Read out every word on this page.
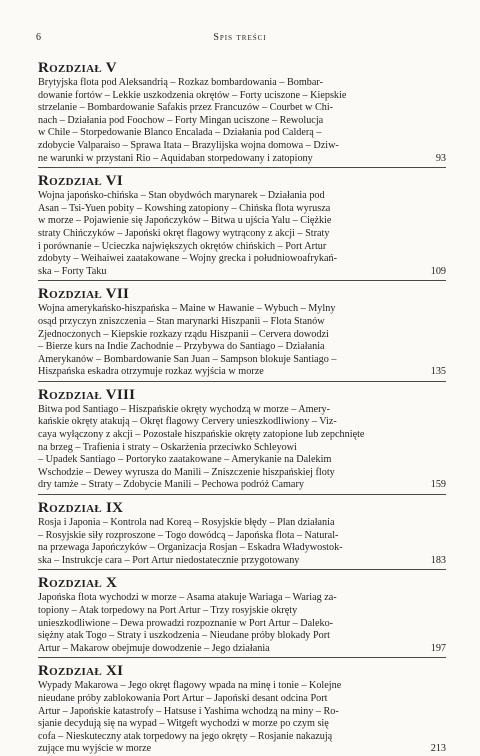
6	Spis treści
Rozdział V
Brytyjska flota pod Aleksandrią – Rozkaz bombardowania – Bombar-
dowanie fortów – Lekkie uszkodzenia okrętów – Forty uciszone – Kiepskie
strzelanie – Bombardowanie Safakis przez Francuzów – Courbet w Chi-
nach – Działania pod Foochow – Forty Mingan uciszone – Rewolucja
w Chile – Storpedowanie Blanco Encalada – Działania pod Calderą –
zdobycie Valparaiso – Sprawa Itata – Brazylijska wojna domowa – Dziw-
ne warunki w przystani Rio – Aquidaban storpedowany i zatopiony	93
Rozdział VI
Wojna japońsko-chińska – Stan obydwóch marynarek – Działania pod
Asan – Tsi-Yuen pobity – Kowshing zatopiony – Chińska flota wyrusza
w morze – Pojawienie się Japończyków – Bitwa u ujścia Yalu – Ciężkie
straty Chińczyków – Japoński okręt flagowy wytrącony z akcji – Straty
i porównanie – Ucieczka największych okrętów chińskich – Port Artur
zdobyty – Weihaiwei zaatakowane – Wojny grecka i południowoafrykań-
ska – Forty Taku	109
Rozdział VII
Wojna amerykańsko-hiszpańska – Maine w Hawanie – Wybuch – Mylny
osąd przyczyn zniszczenia – Stan marynarki Hiszpanii – Flota Stanów
Zjednoczonych – Kiepskie rozkazy rządu Hiszpanii – Cervera dowodzi
– Bierze kurs na Indie Zachodnie – Przybywa do Santiago – Działania
Amerykanów – Bombardowanie San Juan – Sampson blokuje Santiago –
Hiszpańska eskadra otrzymuje rozkaz wyjścia w morze	135
Rozdział VIII
Bitwa pod Santiago – Hiszpańskie okręty wychodzą w morze – Amery-
kańskie okręty atakują – Okręt flagowy Cervery unieszkodliwiony – Viz-
caya wyłączony z akcji – Pozostałe hiszpańskie okręty zatopione lub zepchnięte
na brzeg – Trafienia i straty – Oskarżenia przeciwko Schleyowi
– Upadek Santiago – Portoryko zaatakowane – Amerykanie na Dalekim
Wschodzie – Dewey wyrusza do Manili – Zniszczenie hiszpańskiej floty
dry tamże – Straty – Zdobycie Manili – Pechowa podróż Camary	159
Rozdział IX
Rosja i Japonia – Kontrola nad Koreą – Rosyjskie błędy – Plan działania
– Rosyjskie siły rozproszone – Togo dowódcą – Japońska flota – Natural-
na przewaga Japończyków – Organizacja Rosjan – Eskadra Władywostok-
ska – Instrukcje cara – Port Artur niedostatecznie przygotowany	183
Rozdział X
Japońska flota wychodzi w morze – Asama atakuje Wariaga – Wariag za-
topiony – Atak torpedowy na Port Artur – Trzy rosyjskie okręty
unieszkodliwione – Dewa prowadzi rozpoznanie w Port Artur – Daleko-
siężny atak Togo – Straty i uszkodzenia – Nieudane próby blokady Port
Artur – Makarow obejmuje dowodzenie – Jego działania	197
Rozdział XI
Wypady Makarowa – Jego okręt flagowy wpada na minę i tonie – Kolejne
nieudane próby zablokowania Port Artur – Japoński desant odcina Port
Artur – Japońskie katastrofy – Hatsuse i Yashima wchodzą na miny – Ro-
sjanie decydują się na wypad – Witgeft wychodzi w morze po czym się
cofa – Nieskuteczny atak torpedowy na jego okręty – Rosjanie nakazują
zujące mu wyjście w morze	213
